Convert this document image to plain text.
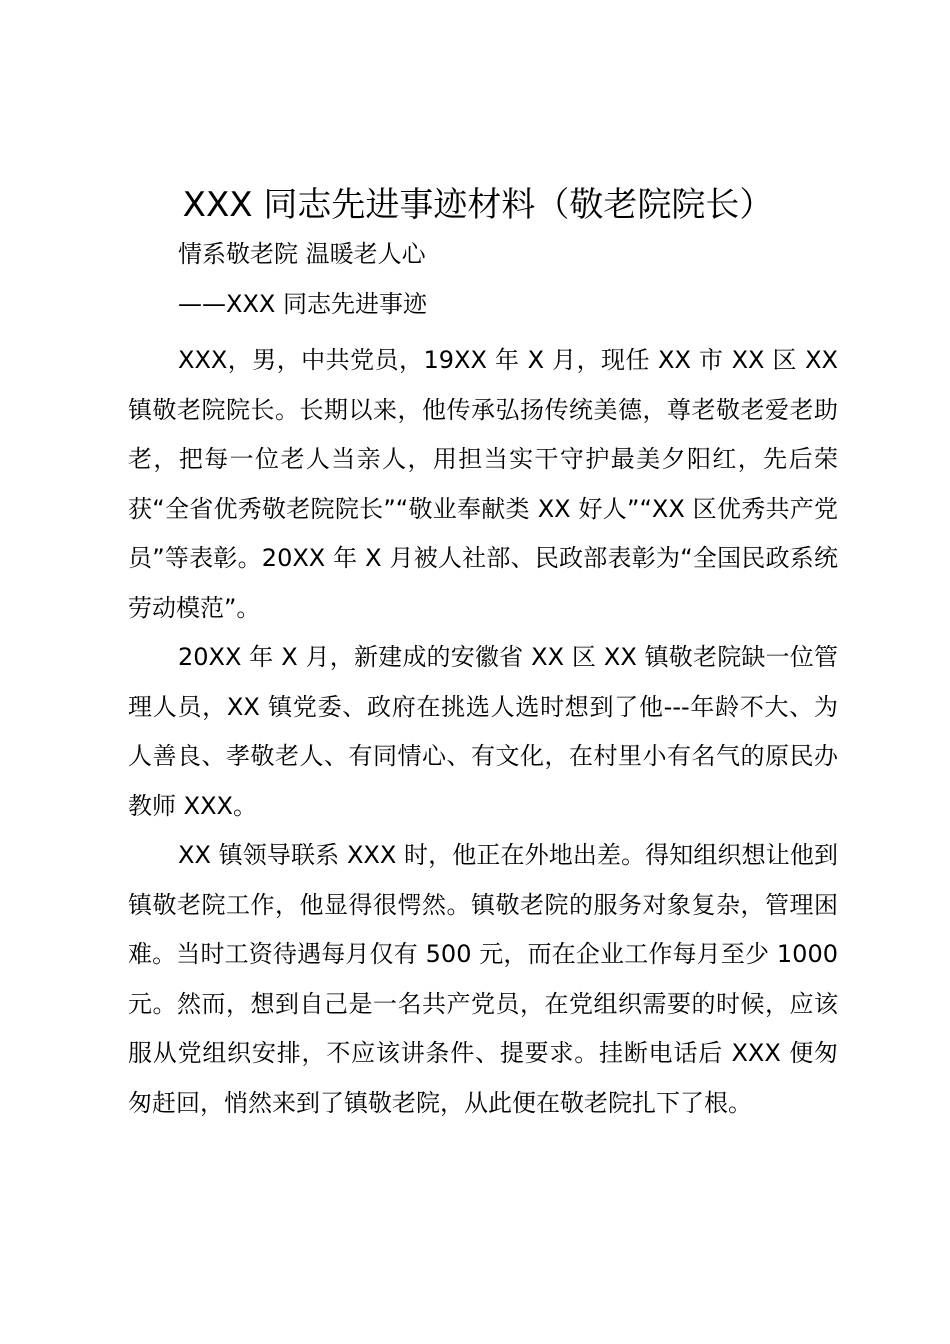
XXX 同志先进事迹材料（敬老院院长）

情系敬老院 温暖老人心

——XXX 同志先进事迹

XXX，男，中共党员，19XX 年 X 月，现任 XX 市 XX 区 XX 镇敬老院院长。长期以来，他传承弘扬传统美德，尊老敬老爱老助老，把每一位老人当亲人，用担当实干守护最美夕阳红，先后荣获“全省优秀敬老院院长”“敬业奉献类 XX 好人”“XX 区优秀共产党员”等表彰。20XX 年 X 月被人社部、民政部表彰为“全国民政系统劳动模范”。

20XX 年 X 月，新建成的安徽省 XX 区 XX 镇敬老院缺一位管理人员，XX 镇党委、政府在挑选人选时想到了他---年龄不大、为人善良、孝敬老人、有同情心、有文化，在村里小有名气的原民办教师 XXX。

XX 镇领导联系 XXX 时，他正在外地出差。得知组织想让他到镇敬老院工作，他显得很愕然。镇敬老院的服务对象复杂，管理困难。当时工资待遇每月仅有 500 元，而在企业工作每月至少 1000 元。然而，想到自己是一名共产党员，在党组织需要的时候，应该服从党组织安排，不应该讲条件、提要求。挂断电话后 XXX 便匆匆赶回，悄然来到了镇敬老院，从此便在敬老院扎下了根。
